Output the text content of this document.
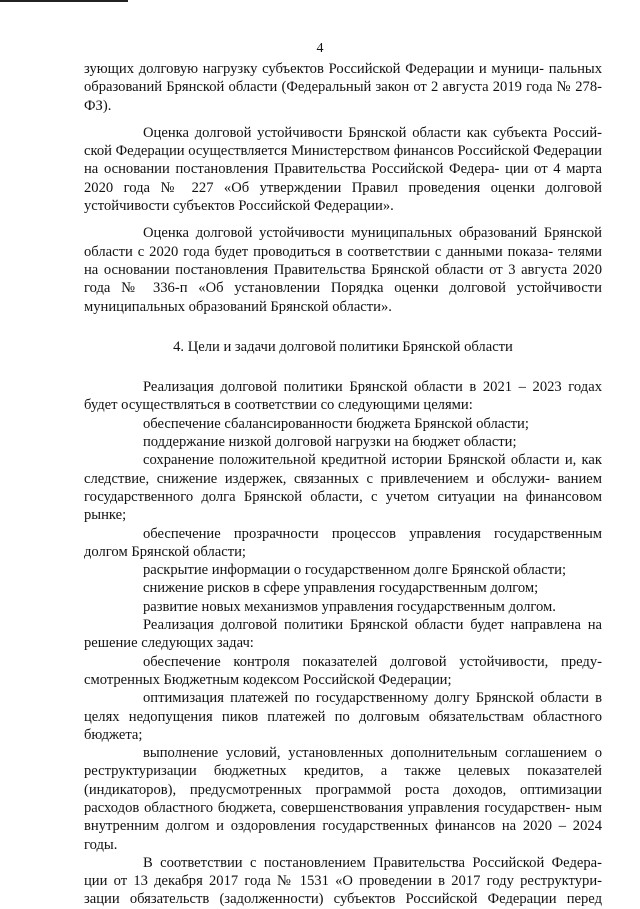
4

зующих долговую нагрузку субъектов Российской Федерации и муници- пальных образований Брянской области (Федеральный закон от 2 августа 2019 года № 278-ФЗ).

Оценка долговой устойчивости Брянской области как субъекта Россий- ской Федерации осуществляется Министерством финансов Российской Федерации на основании постановления Правительства Российской Федера- ции от 4 марта 2020 года № 227 «Об утверждении Правил проведения оценки долговой устойчивости субъектов Российской Федерации».

Оценка долговой устойчивости муниципальных образований Брянской области с 2020 года будет проводиться в соответствии с данными показа- телями на основании постановления Правительства Брянской области от 3 августа 2020 года № 336-п «Об установлении Порядка оценки долговой устойчивости муниципальных образований Брянской области».

4. Цели и задачи долговой политики Брянской области

Реализация долговой политики Брянской области в 2021 – 2023 годах будет осуществляться в соответствии со следующими целями:

обеспечение сбалансированности бюджета Брянской области;

поддержание низкой долговой нагрузки на бюджет области;

сохранение положительной кредитной истории Брянской области и, как следствие, снижение издержек, связанных с привлечением и обслужи- ванием государственного долга Брянской области, с учетом ситуации на финансовом рынке;

обеспечение прозрачности процессов управления государственным долгом Брянской области;

раскрытие информации о государственном долге Брянской области;

снижение рисков в сфере управления государственным долгом;

развитие новых механизмов управления государственным долгом.

Реализация долговой политики Брянской области будет направлена на решение следующих задач:

обеспечение контроля показателей долговой устойчивости, преду- смотренных Бюджетным кодексом Российской Федерации;

оптимизация платежей по государственному долгу Брянской области в целях недопущения пиков платежей по долговым обязательствам областного бюджета;

выполнение условий, установленных дополнительным соглашением о реструктуризации бюджетных кредитов, а также целевых показателей (индикаторов), предусмотренных программой роста доходов, оптимизации расходов областного бюджета, совершенствования управления государствен- ным внутренним долгом и оздоровления государственных финансов на 2020 – 2024 годы.

В соответствии с постановлением Правительства Российской Федера- ции от 13 декабря 2017 года № 1531 «О проведении в 2017 году реструктури- зации обязательств (задолженности) субъектов Российской Федерации перед
